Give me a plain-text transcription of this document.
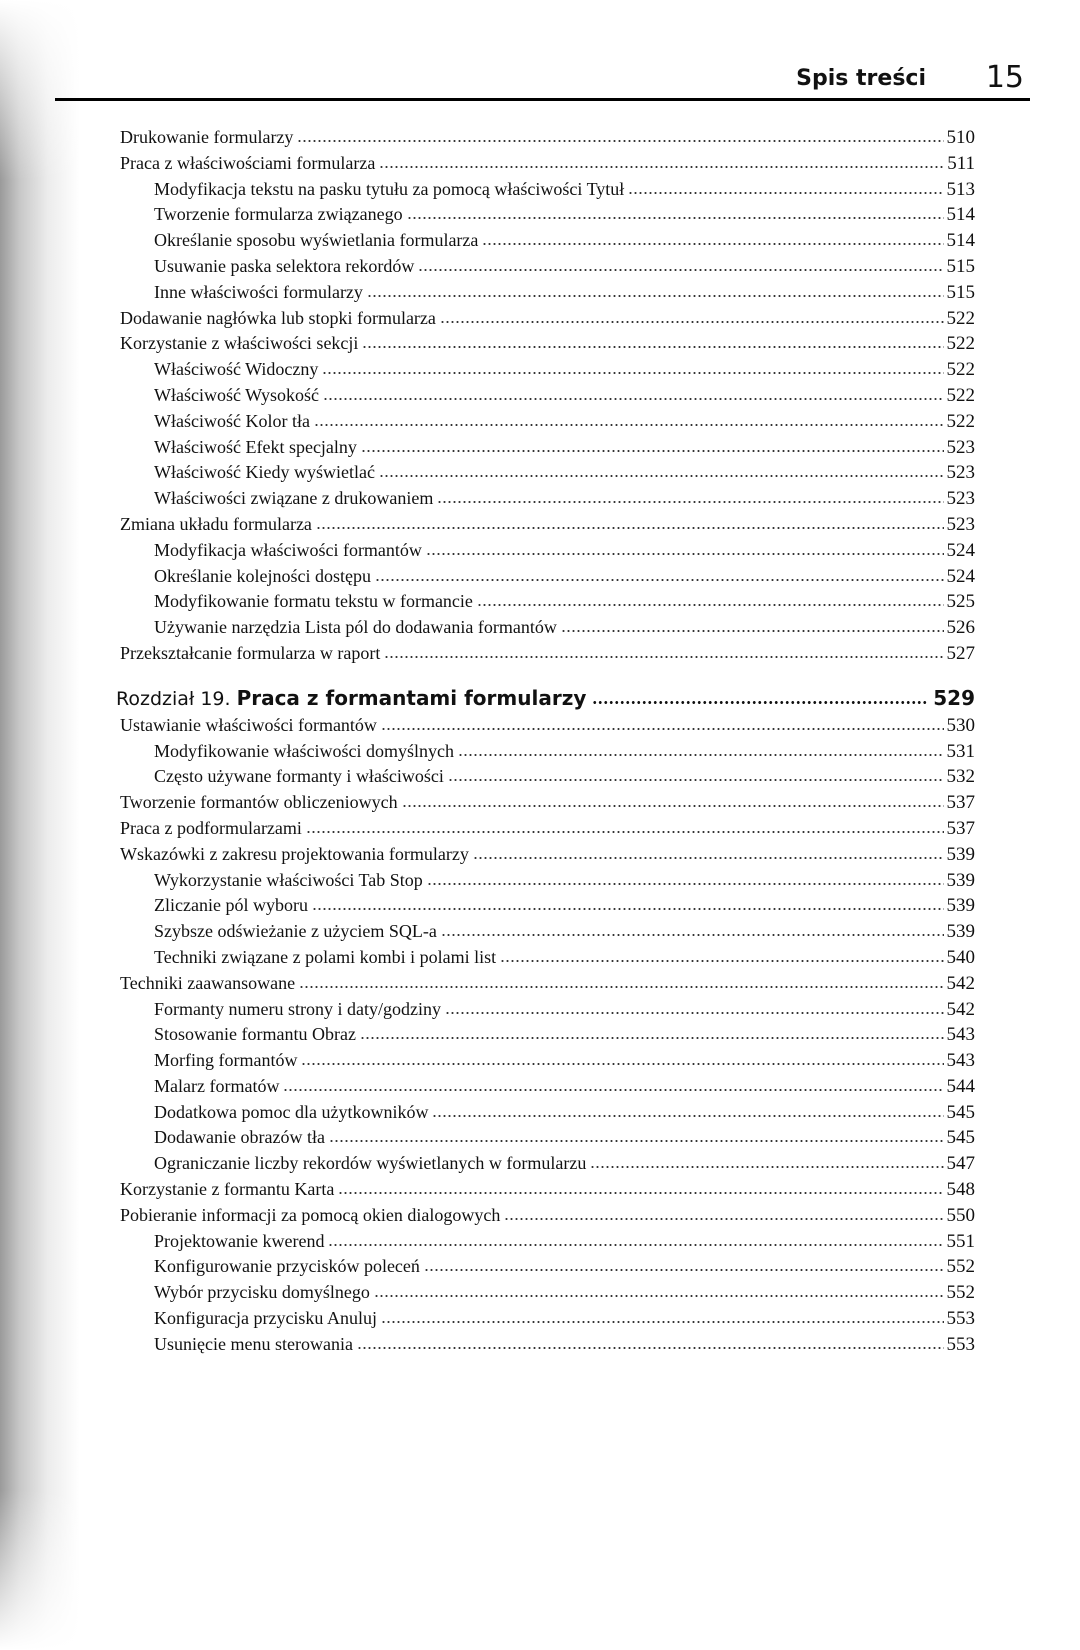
Spis treści 15
Drukowanie formularzy	510
Praca z właściwościami formularza	511
Modyfikacja tekstu na pasku tytułu za pomocą właściwości Tytuł	513
Tworzenie formularza związanego	514
Określanie sposobu wyświetlania formularza	514
Usuwanie paska selektora rekordów	515
Inne właściwości formularzy	515
Dodawanie nagłówka lub stopki formularza	522
Korzystanie z właściwości sekcji	522
Właściwość Widoczny	522
Właściwość Wysokość	522
Właściwość Kolor tła	522
Właściwość Efekt specjalny	523
Właściwość Kiedy wyświetlać	523
Właściwości związane z drukowaniem	523
Zmiana układu formularza	523
Modyfikacja właściwości formantów	524
Określanie kolejności dostępu	524
Modyfikowanie formatu tekstu w formancie	525
Używanie narzędzia Lista pól do dodawania formantów	526
Przekształcanie formularza w raport	527
Rozdział 19. Praca z formantami formularzy	529
Ustawianie właściwości formantów	530
Modyfikowanie właściwości domyślnych	531
Często używane formanty i właściwości	532
Tworzenie formantów obliczeniowych	537
Praca z podformularzami	537
Wskazówki z zakresu projektowania formularzy	539
Wykorzystanie właściwości Tab Stop	539
Zliczanie pól wyboru	539
Szybsze odświeżanie z użyciem SQL-a	539
Techniki związane z polami kombi i polami list	540
Techniki zaawansowane	542
Formanty numeru strony i daty/godziny	542
Stosowanie formantu Obraz	543
Morfing formantów	543
Malarz formatów	544
Dodatkowa pomoc dla użytkowników	545
Dodawanie obrazów tła	545
Ograniczanie liczby rekordów wyświetlanych w formularzu	547
Korzystanie z formantu Karta	548
Pobieranie informacji za pomocą okien dialogowych	550
Projektowanie kwerend	551
Konfigurowanie przycisków poleceń	552
Wybór przycisku domyślnego	552
Konfiguracja przycisku Anuluj	553
Usunięcie menu sterowania	553
